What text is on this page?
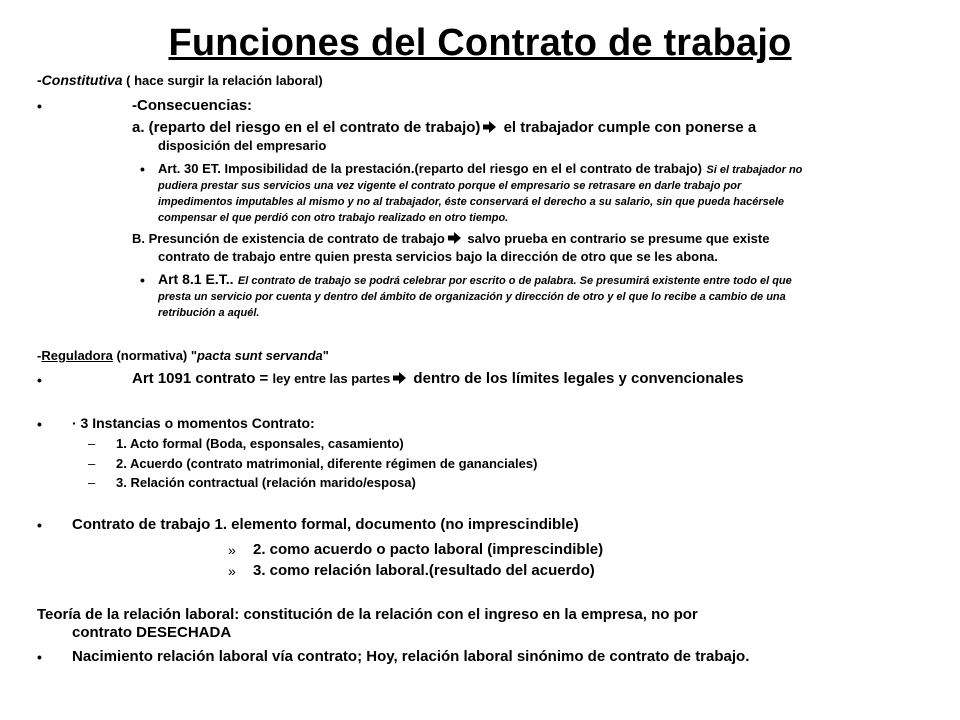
Funciones del Contrato de trabajo
-Constitutiva ( hace surgir la relación laboral)
•	-Consecuencias:
a. (reparto del riesgo en el el contrato de trabajo) el trabajador cumple con ponerse a
disposición del empresario
• Art. 30 ET. Imposibilidad de la prestación.(reparto del riesgo en el el contrato de trabajo) Si el trabajador no
pudiera prestar sus servicios una vez vigente el contrato porque el empresario se retrasare en darle trabajo por
impedimentos imputables al mismo y no al trabajador, éste conservará el derecho a su salario, sin que pueda hacérsele
compensar el que perdió con otro trabajo realizado en otro tiempo.
B. Presunción de existencia de contrato de trabajo salvo prueba en contrario se presume que existe
contrato de trabajo entre quien presta servicios bajo la dirección de otro que se les abona.
• Art 8.1 E.T.. El contrato de trabajo se podrá celebrar por escrito o de palabra. Se presumirá existente entre todo el que
presta un servicio por cuenta y dentro del ámbito de organización y dirección de otro y el que lo recibe a cambio de una
retribución a aquél.
-Reguladora (normativa) "pacta sunt servanda"
•	Art 1091 contrato = ley entre las partes dentro de los límites legales y convencionales
• · 3 Instancias o momentos Contrato:
– 1. Acto formal (Boda, esponsales, casamiento)
– 2. Acuerdo (contrato matrimonial, diferente régimen de gananciales)
– 3. Relación contractual (relación marido/esposa)
• Contrato de trabajo 1. elemento formal, documento (no imprescindible)
» 2. como acuerdo o pacto laboral (imprescindible)
» 3. como relación laboral.(resultado del acuerdo)
Teoría de la relación laboral: constitución de la relación con el ingreso en la empresa, no por
contrato DESECHADA
• Nacimiento relación laboral vía contrato; Hoy, relación laboral sinónimo de contrato de trabajo.
